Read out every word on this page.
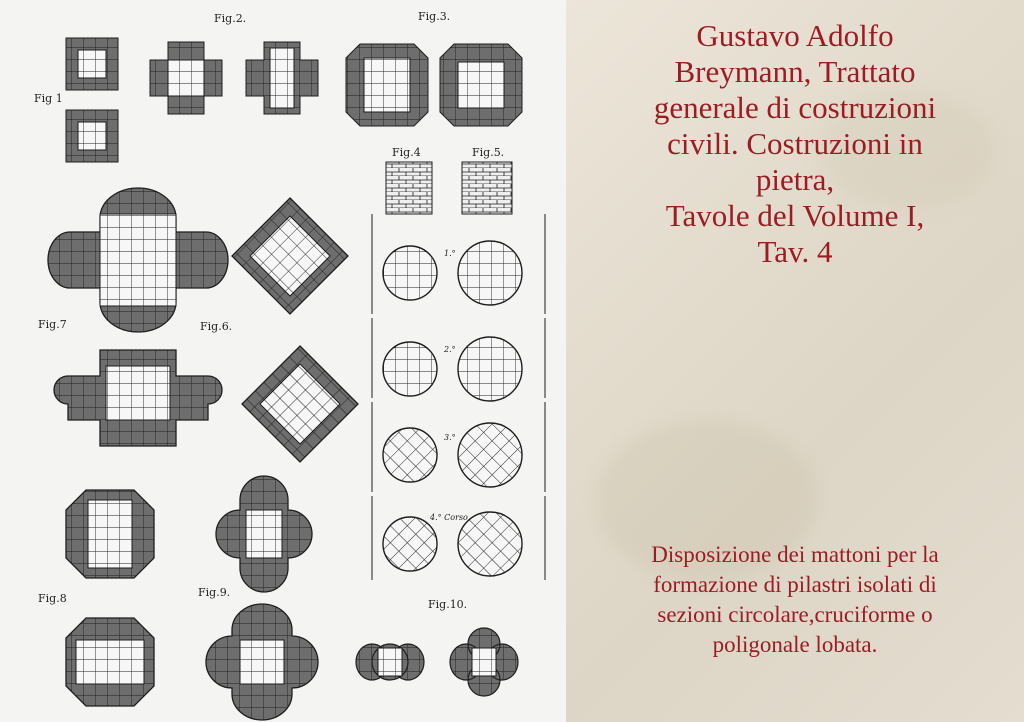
Fig 1
Fig.2.	Fig.3.
Fig.4	Fig.5.
1.°
2.°
3.°
4.° Corso
Fig.7	Fig.6.
Fig.8	Fig.9.
Fig.10.
Gustavo Adolfo
Breymann, Trattato
generale di costruzioni
civili. Costruzioni in
pietra,
Tavole del Volume I,
Tav. 4
Disposizione dei mattoni per la
formazione di pilastri isolati di
sezioni circolare,cruciforme o
poligonale lobata.
